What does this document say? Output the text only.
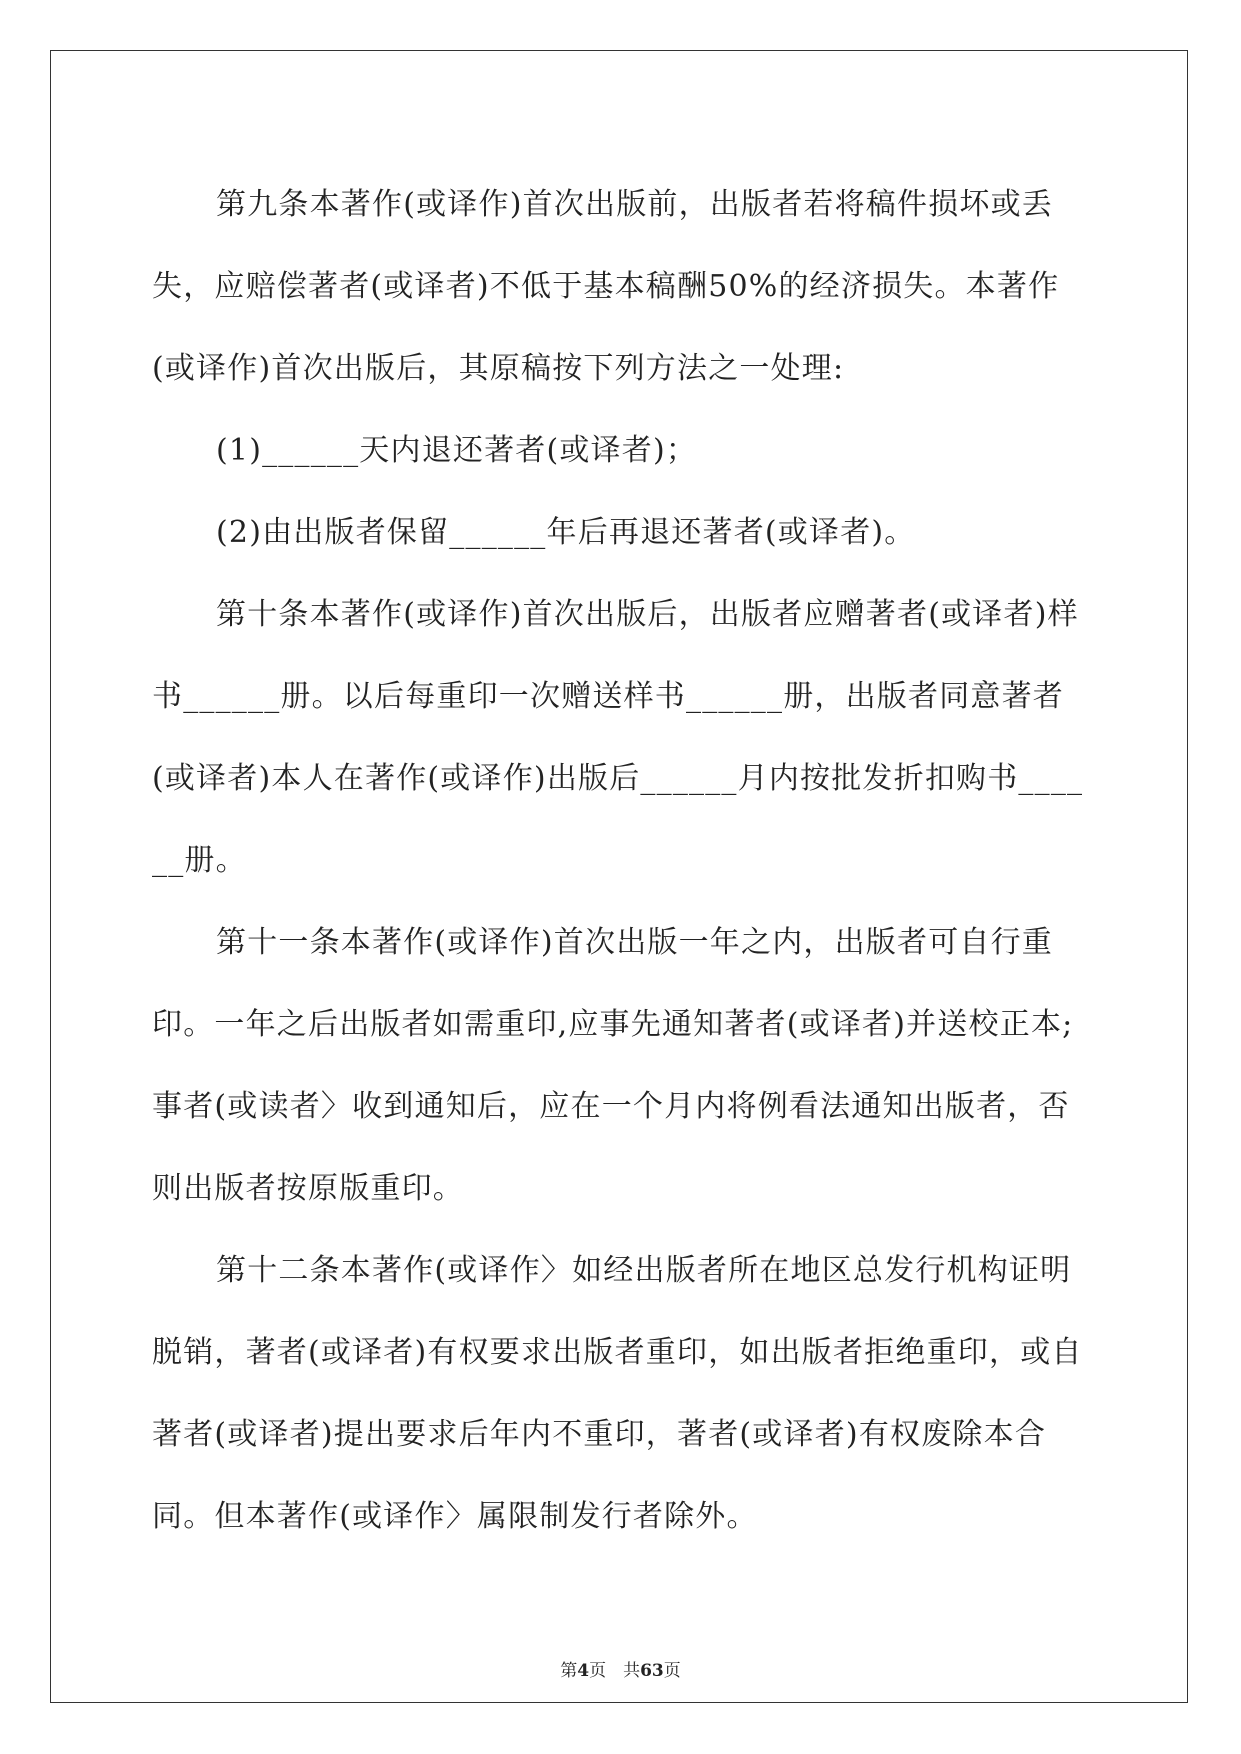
第九条本著作(或译作)首次出版前，出版者若将稿件损坏或丢失，应赔偿著者(或译者)不低于基本稿酬50%的经济损失。本著作(或译作)首次出版后，其原稿按下列方法之一处理:

(1)______天内退还著者(或译者)；

(2)由出版者保留______年后再退还著者(或译者)。

第十条本著作(或译作)首次出版后，出版者应赠著者(或译者)样书______册。以后每重印一次赠送样书______册，出版者同意著者(或译者)本人在著作(或译作)出版后______月内按批发折扣购书______册。

第十一条本著作(或译作)首次出版一年之内，出版者可自行重印。一年之后出版者如需重印,应事先通知著者(或译者)并送校正本;事者(或读者〉收到通知后，应在一个月内将例看法通知出版者，否则出版者按原版重印。

第十二条本著作(或译作〉如经出版者所在地区总发行机构证明脱销，著者(或译者)有权要求出版者重印，如出版者拒绝重印，或自著者(或译者)提出要求后年内不重印，著者(或译者)有权废除本合同。但本著作(或译作〉属限制发行者除外。

第4页　共63页
